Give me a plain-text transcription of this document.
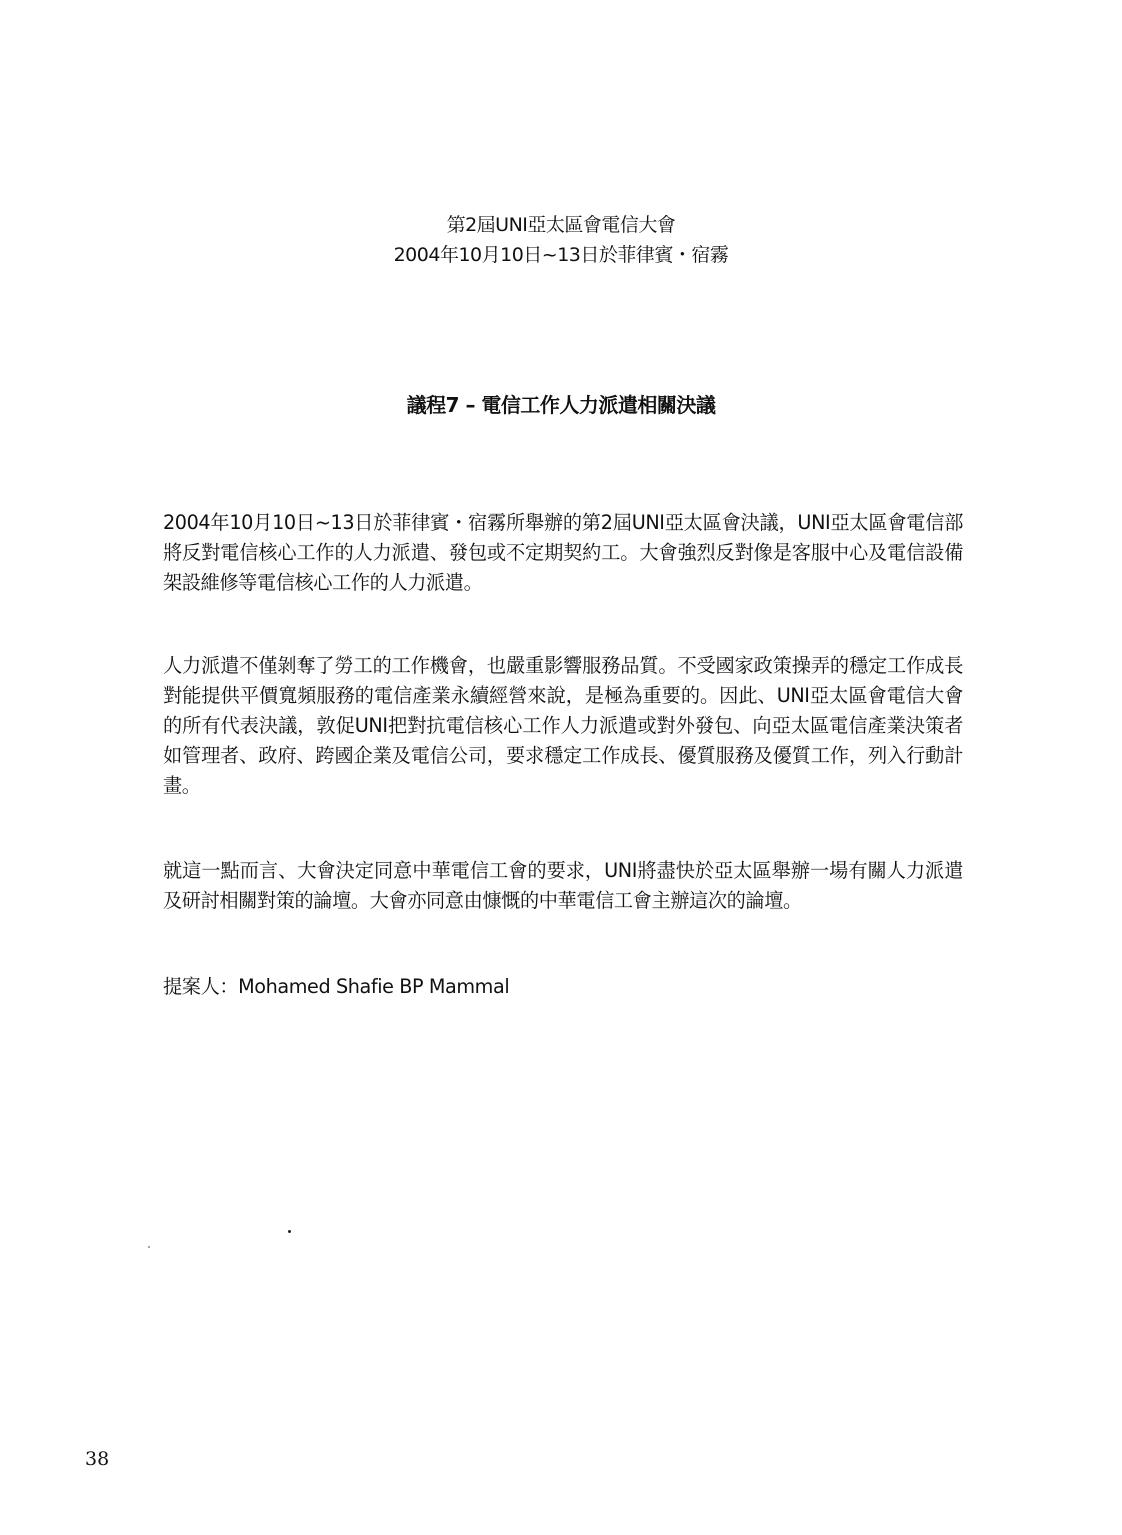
第2屆UNI亞太區會電信大會
2004年10月10日~13日於菲律賓・宿霧
議程7 – 電信工作人力派遣相關決議
2004年10月10日~13日於菲律賓・宿霧所舉辦的第2屆UNI亞太區會決議，UNI亞太區會電信部將反對電信核心工作的人力派遣、發包或不定期契約工。大會強烈反對像是客服中心及電信設備架設維修等電信核心工作的人力派遣。
人力派遣不僅剝奪了勞工的工作機會，也嚴重影響服務品質。不受國家政策操弄的穩定工作成長對能提供平價寬頻服務的電信產業永續經營來說，是極為重要的。因此、UNI亞太區會電信大會的所有代表決議，敦促UNI把對抗電信核心工作人力派遣或對外發包、向亞太區電信產業決策者如管理者、政府、跨國企業及電信公司，要求穩定工作成長、優質服務及優質工作，列入行動計畫。
就這一點而言、大會決定同意中華電信工會的要求，UNI將盡快於亞太區舉辦一場有關人力派遣及研討相關對策的論壇。大會亦同意由慷慨的中華電信工會主辦這次的論壇。
提案人：Mohamed Shafie BP Mammal
38
